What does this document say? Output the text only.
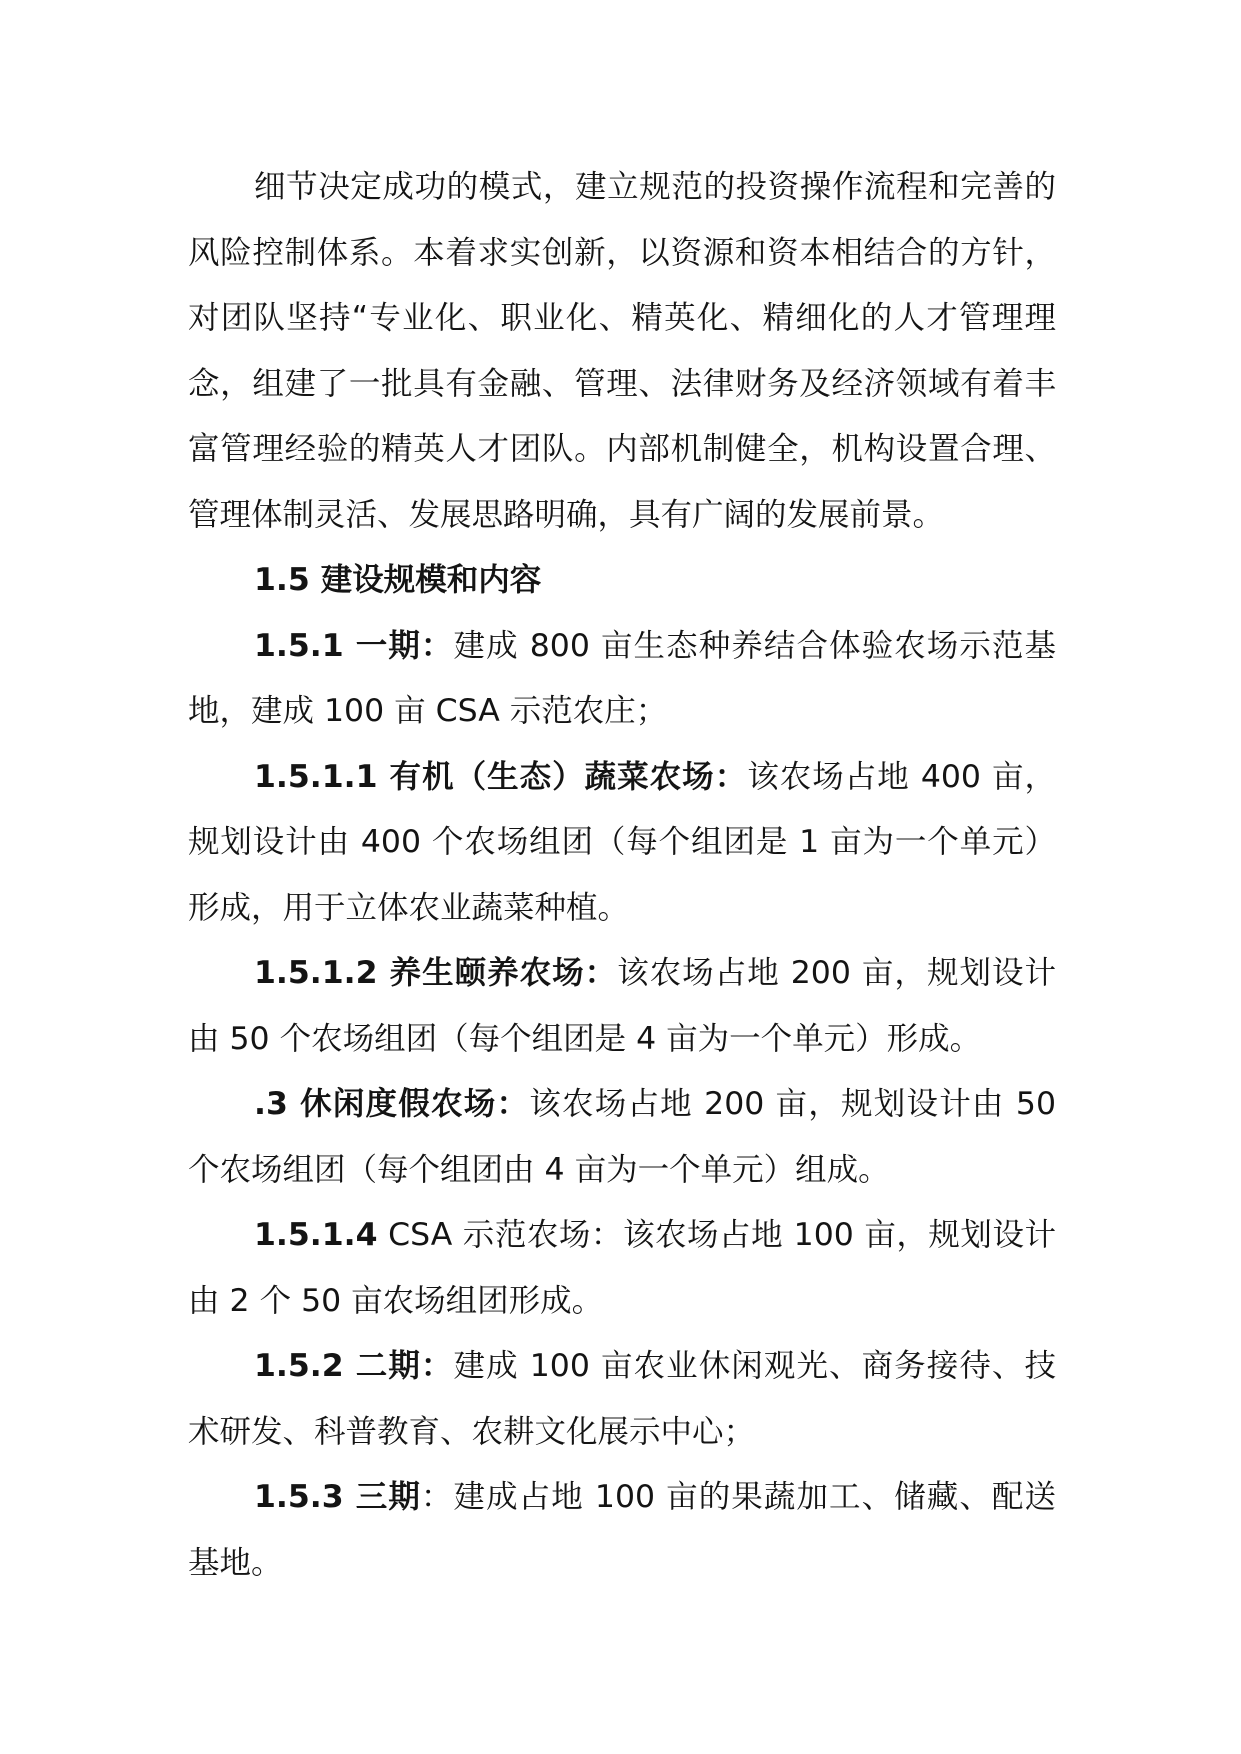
细节决定成功的模式，建立规范的投资操作流程和完善的风险控制体系。本着求实创新，以资源和资本相结合的方针，对团队坚持“专业化、职业化、精英化、精细化的人才管理理念，组建了一批具有金融、管理、法律财务及经济领域有着丰富管理经验的精英人才团队。内部机制健全，机构设置合理、管理体制灵活、发展思路明确，具有广阔的发展前景。

1.5 建设规模和内容

1.5.1 一期：建成 800 亩生态种养结合体验农场示范基地，建成 100 亩 CSA 示范农庄；

1.5.1.1 有机（生态）蔬菜农场：该农场占地 400 亩，规划设计由 400 个农场组团（每个组团是 1 亩为一个单元）形成，用于立体农业蔬菜种植。

1.5.1.2 养生颐养农场：该农场占地 200 亩，规划设计由 50 个农场组团（每个组团是 4 亩为一个单元）形成。

.3 休闲度假农场：该农场占地 200 亩，规划设计由 50 个农场组团（每个组团由 4 亩为一个单元）组成。

1.5.1.4 CSA 示范农场：该农场占地 100 亩，规划设计由 2 个 50 亩农场组团形成。

1.5.2 二期：建成 100 亩农业休闲观光、商务接待、技术研发、科普教育、农耕文化展示中心；

1.5.3 三期：建成占地 100 亩的果蔬加工、储藏、配送基地。
